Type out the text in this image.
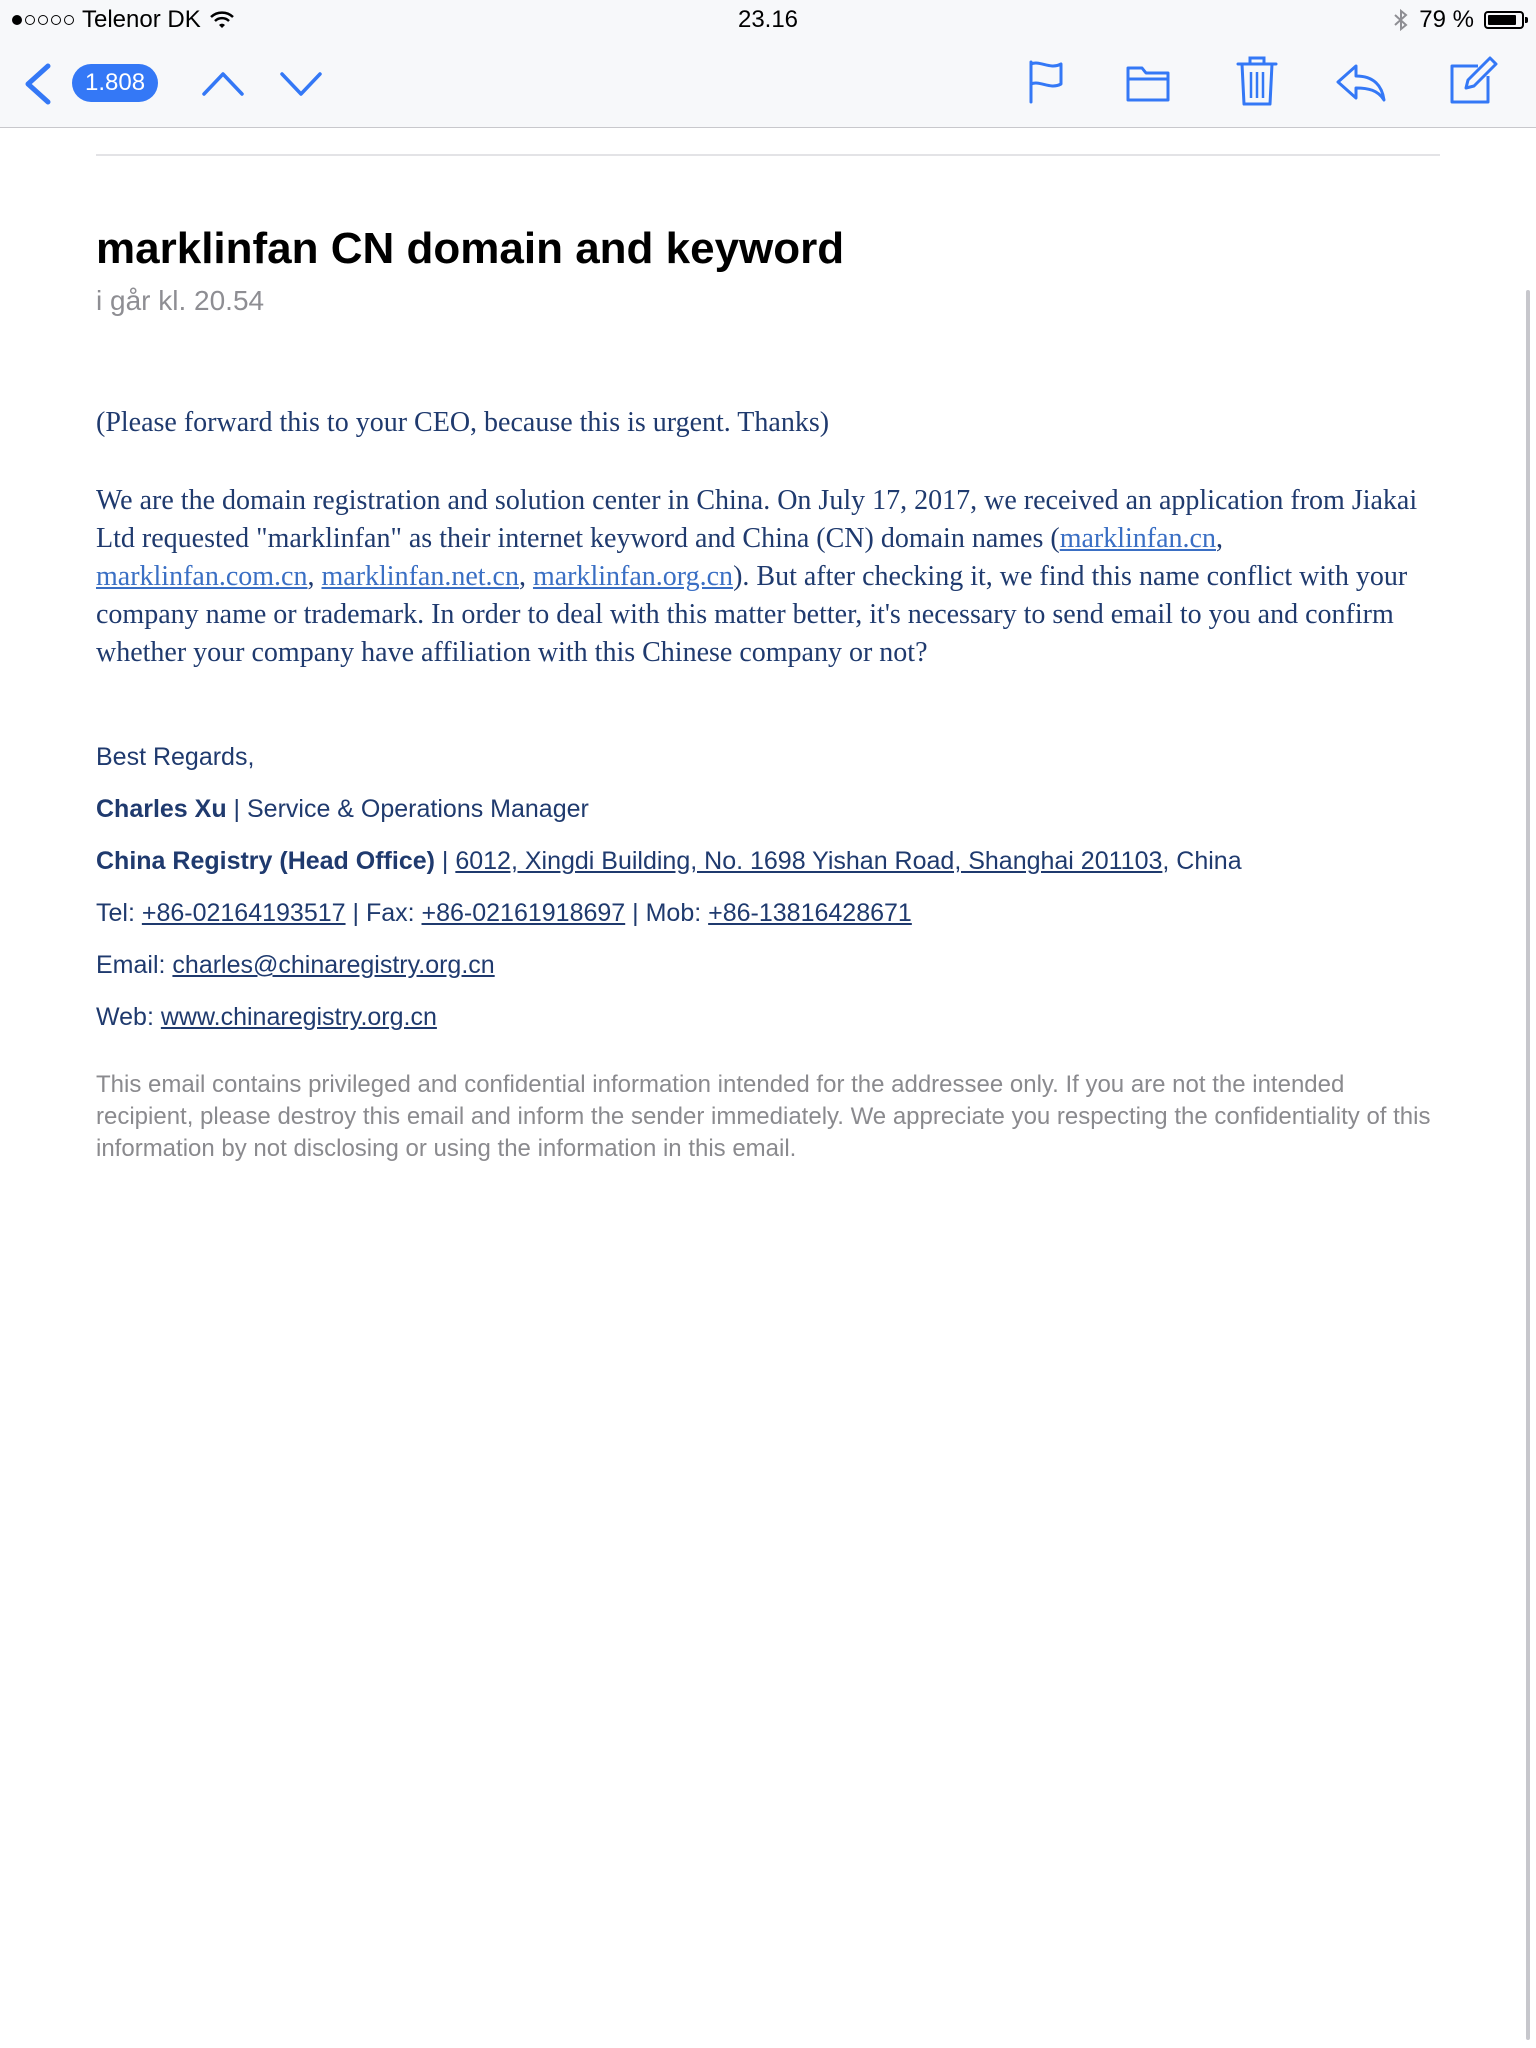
Telenor DK	23.16	79 %
1.808
marklinfan CN domain and keyword
i går kl. 20.54

(Please forward this to your CEO, because this is urgent. Thanks)

We are the domain registration and solution center in China. On July 17, 2017, we received an application from Jiakai Ltd requested "marklinfan" as their internet keyword and China (CN) domain names (marklinfan.cn, marklinfan.com.cn, marklinfan.net.cn, marklinfan.org.cn). But after checking it, we find this name conflict with your company name or trademark. In order to deal with this matter better, it's necessary to send email to you and confirm whether your company have affiliation with this Chinese company or not?

Best Regards,
Charles Xu | Service & Operations Manager
China Registry (Head Office) | 6012, Xingdi Building, No. 1698 Yishan Road, Shanghai 201103, China
Tel: +86-02164193517 | Fax: +86-02161918697 | Mob: +86-13816428671
Email: charles@chinaregistry.org.cn
Web: www.chinaregistry.org.cn
This email contains privileged and confidential information intended for the addressee only. If you are not the intended recipient, please destroy this email and inform the sender immediately. We appreciate you respecting the confidentiality of this information by not disclosing or using the information in this email.
